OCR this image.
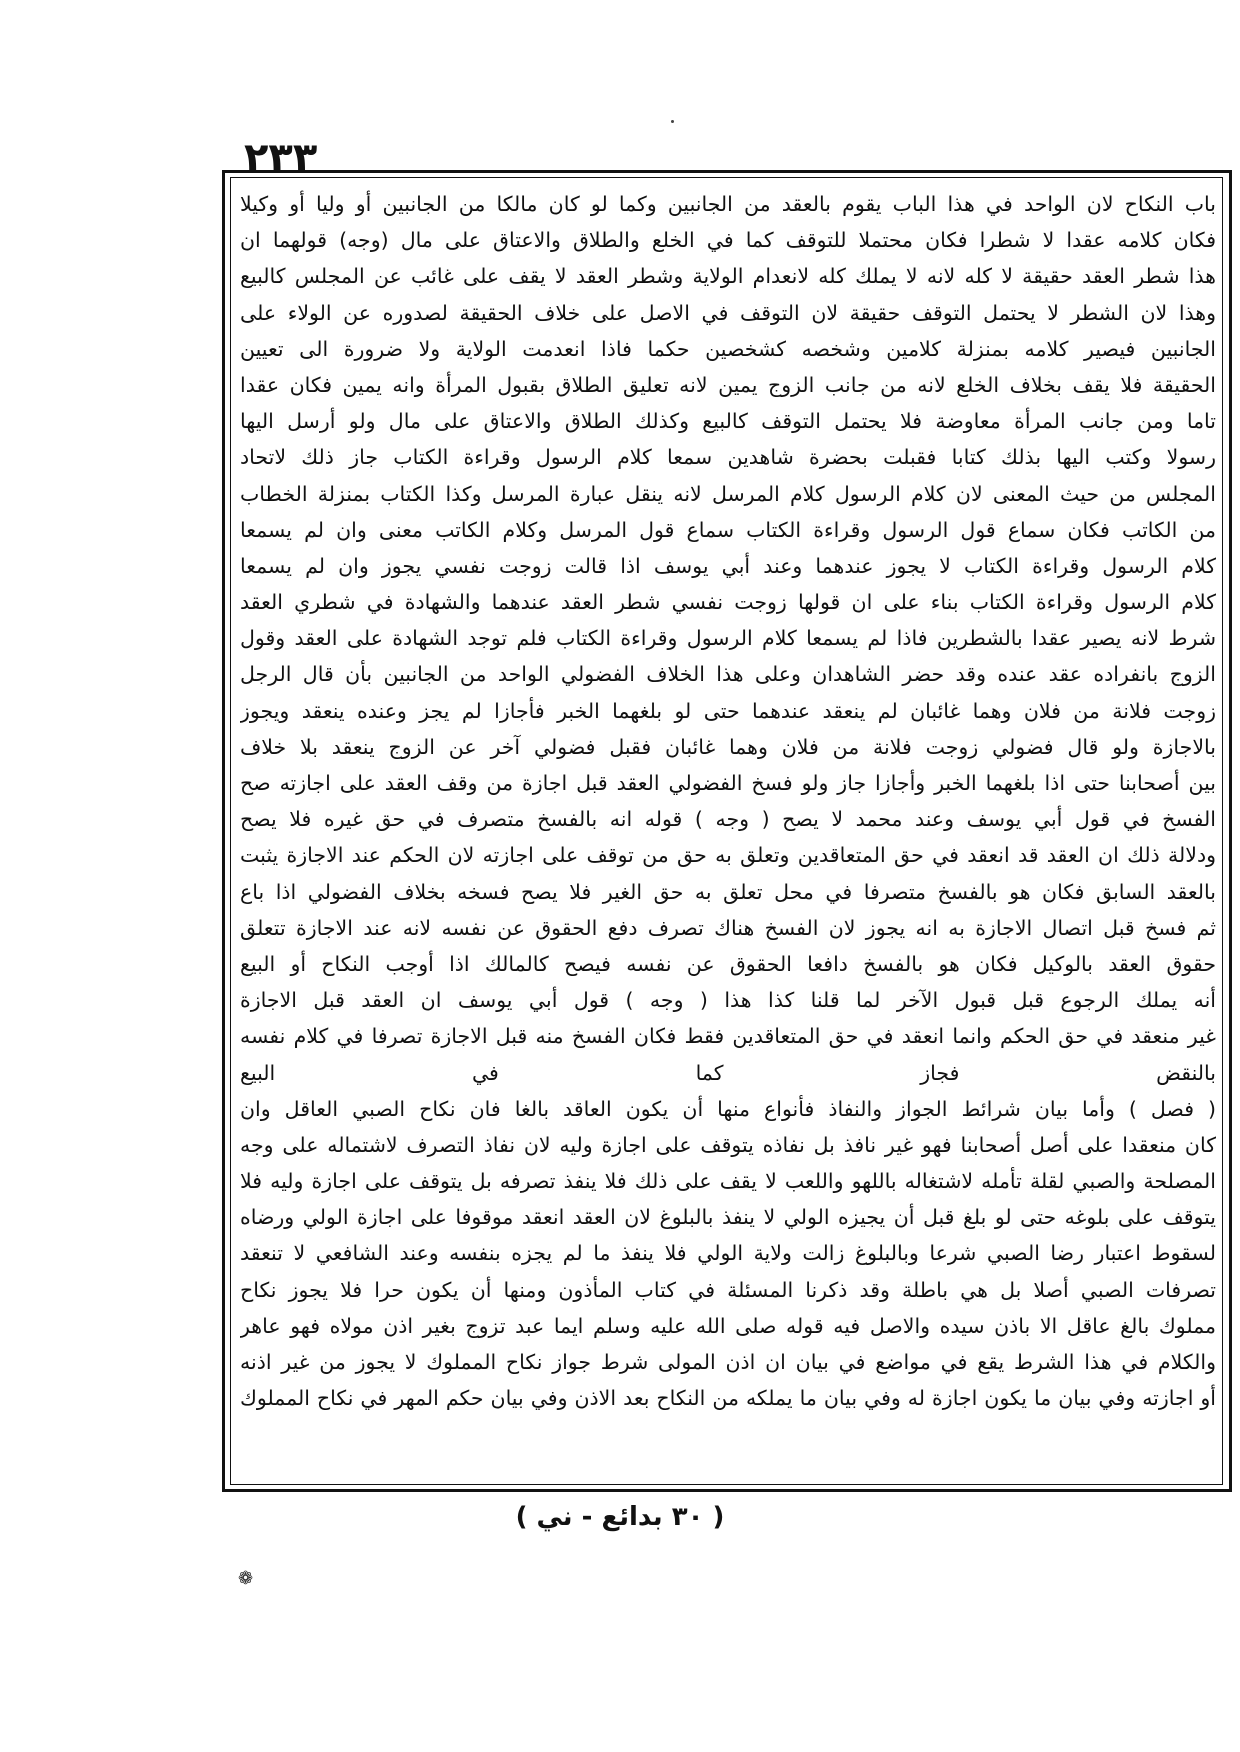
٢٣٣
باب النكاح لان الواحد في هذا الباب يقوم بالعقد من الجانبين وكما لو كان مالكا من الجانبين أو وليا أو وكيلا
فكان كلامه عقدا لا شطرا فكان محتملا للتوقف كما في الخلع والطلاق والاعتاق على مال (وجه) قولهما ان
هذا شطر العقد حقيقة لا كله لانه لا يملك كله لانعدام الولاية وشطر العقد لا يقف على غائب عن المجلس كالبيع
وهذا لان الشطر لا يحتمل التوقف حقيقة لان التوقف في الاصل على خلاف الحقيقة لصدوره عن الولاء على
الجانبين فيصير كلامه بمنزلة كلامين وشخصه كشخصين حكما فاذا انعدمت الولاية ولا ضرورة الى تعيين
الحقيقة فلا يقف بخلاف الخلع لانه من جانب الزوج يمين لانه تعليق الطلاق بقبول المرأة وانه يمين فكان عقدا
تاما ومن جانب المرأة معاوضة فلا يحتمل التوقف كالبيع وكذلك الطلاق والاعتاق على مال ولو أرسل اليها
رسولا وكتب اليها بذلك كتابا فقبلت بحضرة شاهدين سمعا كلام الرسول وقراءة الكتاب جاز ذلك لاتحاد
المجلس من حيث المعنى لان كلام الرسول كلام المرسل لانه ينقل عبارة المرسل وكذا الكتاب بمنزلة الخطاب
من الكاتب فكان سماع قول الرسول وقراءة الكتاب سماع قول المرسل وكلام الكاتب معنى وان لم يسمعا
كلام الرسول وقراءة الكتاب لا يجوز عندهما وعند أبي يوسف اذا قالت زوجت نفسي يجوز وان لم يسمعا
كلام الرسول وقراءة الكتاب بناء على ان قولها زوجت نفسي شطر العقد عندهما والشهادة في شطري العقد
شرط لانه يصير عقدا بالشطرين فاذا لم يسمعا كلام الرسول وقراءة الكتاب فلم توجد الشهادة على العقد وقول
الزوج بانفراده عقد عنده وقد حضر الشاهدان وعلى هذا الخلاف الفضولي الواحد من الجانبين بأن قال الرجل
زوجت فلانة من فلان وهما غائبان لم ينعقد عندهما حتى لو بلغهما الخبر فأجازا لم يجز وعنده ينعقد ويجوز
بالاجازة ولو قال فضولي زوجت فلانة من فلان وهما غائبان فقبل فضولي آخر عن الزوج ينعقد بلا خلاف
بين أصحابنا حتى اذا بلغهما الخبر وأجازا جاز ولو فسخ الفضولي العقد قبل اجازة من وقف العقد على اجازته صح
الفسخ في قول أبي يوسف وعند محمد لا يصح ( وجه ) قوله انه بالفسخ متصرف في حق غيره فلا يصح
ودلالة ذلك ان العقد قد انعقد في حق المتعاقدين وتعلق به حق من توقف على اجازته لان الحكم عند الاجازة يثبت
بالعقد السابق فكان هو بالفسخ متصرفا في محل تعلق به حق الغير فلا يصح فسخه بخلاف الفضولي اذا باع
ثم فسخ قبل اتصال الاجازة به انه يجوز لان الفسخ هناك تصرف دفع الحقوق عن نفسه لانه عند الاجازة تتعلق
حقوق العقد بالوكيل فكان هو بالفسخ دافعا الحقوق عن نفسه فيصح كالمالك اذا أوجب النكاح أو البيع
أنه يملك الرجوع قبل قبول الآخر لما قلنا كذا هذا ( وجه ) قول أبي يوسف ان العقد قبل الاجازة
غير منعقد في حق الحكم وانما انعقد في حق المتعاقدين فقط فكان الفسخ منه قبل الاجازة تصرفا في كلام نفسه
بالنقض فجاز كما في البيع
( فصل ) وأما بيان شرائط الجواز والنفاذ فأنواع منها أن يكون العاقد بالغا فان نكاح الصبي العاقل وان
كان منعقدا على أصل أصحابنا فهو غير نافذ بل نفاذه يتوقف على اجازة وليه لان نفاذ التصرف لاشتماله على وجه
المصلحة والصبي لقلة تأمله لاشتغاله باللهو واللعب لا يقف على ذلك فلا ينفذ تصرفه بل يتوقف على اجازة وليه فلا
يتوقف على بلوغه حتى لو بلغ قبل أن يجيزه الولي لا ينفذ بالبلوغ لان العقد انعقد موقوفا على اجازة الولي ورضاه
لسقوط اعتبار رضا الصبي شرعا وبالبلوغ زالت ولاية الولي فلا ينفذ ما لم يجزه بنفسه وعند الشافعي لا تنعقد
تصرفات الصبي أصلا بل هي باطلة وقد ذكرنا المسئلة في كتاب المأذون ومنها أن يكون حرا فلا يجوز نكاح
مملوك بالغ عاقل الا باذن سيده والاصل فيه قوله صلى الله عليه وسلم ايما عبد تزوج بغير اذن مولاه فهو عاهر
والكلام في هذا الشرط يقع في مواضع في بيان ان اذن المولى شرط جواز نكاح المملوك لا يجوز من غير اذنه
أو اجازته وفي بيان ما يكون اجازة له وفي بيان ما يملكه من النكاح بعد الاذن وفي بيان حكم المهر في نكاح المملوك
( ٣٠ بدائع - ني )
❁
